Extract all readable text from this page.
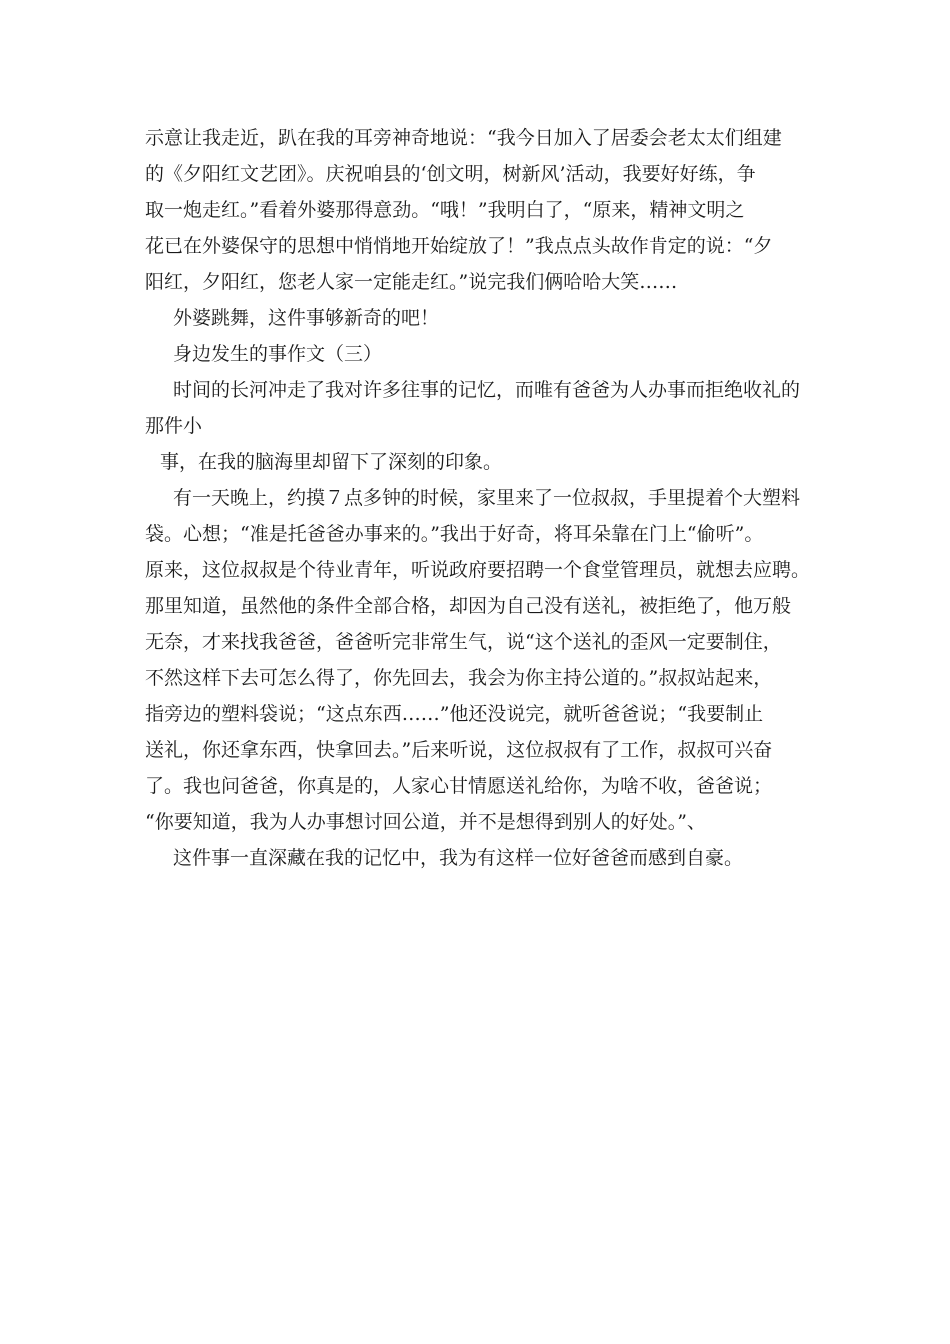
示意让我走近，趴在我的耳旁神奇地说：“我今日加入了居委会老太太们组建
的《夕阳红文艺团》。庆祝咱县的‘创文明，树新风’活动，我要好好练，争
取一炮走红。”看着外婆那得意劲。“哦！”我明白了，“原来，精神文明之
花已在外婆保守的思想中悄悄地开始绽放了！”我点点头故作肯定的说：“夕
阳红，夕阳红，您老人家一定能走红。”说完我们俩哈哈大笑……
外婆跳舞，这件事够新奇的吧！
身边发生的事作文（三）
时间的长河冲走了我对许多往事的记忆，而唯有爸爸为人办事而拒绝收礼的
那件小
事，在我的脑海里却留下了深刻的印象。
有一天晚上，约摸７点多钟的时候，家里来了一位叔叔，手里提着个大塑料
袋。心想；“准是托爸爸办事来的。”我出于好奇，将耳朵靠在门上“偷听”。
原来，这位叔叔是个待业青年，听说政府要招聘一个食堂管理员，就想去应聘。
那里知道，虽然他的条件全部合格，却因为自己没有送礼，被拒绝了，他万般
无奈，才来找我爸爸，爸爸听完非常生气，说“这个送礼的歪风一定要制住，
不然这样下去可怎么得了，你先回去，我会为你主持公道的。”叔叔站起来，
指旁边的塑料袋说；“这点东西……”他还没说完，就听爸爸说；“我要制止
送礼，你还拿东西，快拿回去。”后来听说，这位叔叔有了工作，叔叔可兴奋
了。我也问爸爸，你真是的，人家心甘情愿送礼给你，为啥不收，爸爸说；
“你要知道，我为人办事想讨回公道，并不是想得到别人的好处。”、
这件事一直深藏在我的记忆中，我为有这样一位好爸爸而感到自豪。
